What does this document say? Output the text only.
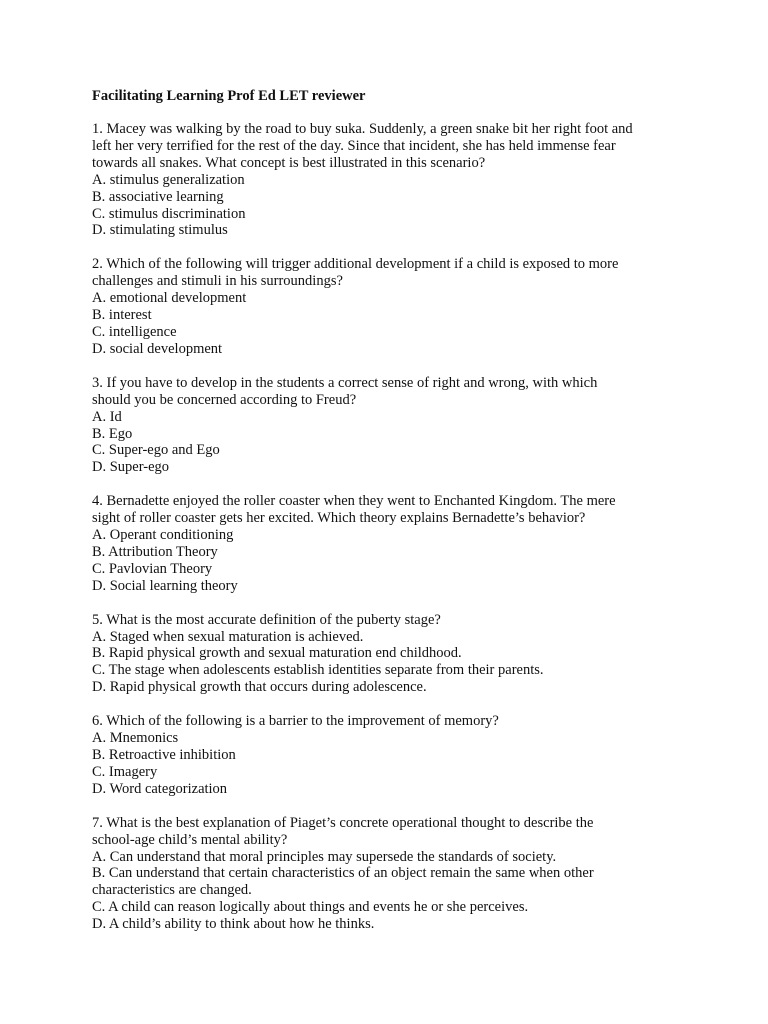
Facilitating Learning Prof Ed LET reviewer
1. Macey was walking by the road to buy suka. Suddenly, a green snake bit her right foot and
left her very terrified for the rest of the day. Since that incident, she has held immense fear
towards all snakes. What concept is best illustrated in this scenario?
A. stimulus generalization
B. associative learning
C. stimulus discrimination
D. stimulating stimulus
2. Which of the following will trigger additional development if a child is exposed to more
challenges and stimuli in his surroundings?
A. emotional development
B. interest
C. intelligence
D. social development
3. If you have to develop in the students a correct sense of right and wrong, with which
should you be concerned according to Freud?
A. Id
B. Ego
C. Super-ego and Ego
D. Super-ego
4. Bernadette enjoyed the roller coaster when they went to Enchanted Kingdom. The mere
sight of roller coaster gets her excited. Which theory explains Bernadette’s behavior?
A. Operant conditioning
B. Attribution Theory
C. Pavlovian Theory
D. Social learning theory
5. What is the most accurate definition of the puberty stage?
A. Staged when sexual maturation is achieved.
B. Rapid physical growth and sexual maturation end childhood.
C. The stage when adolescents establish identities separate from their parents.
D. Rapid physical growth that occurs during adolescence.
6. Which of the following is a barrier to the improvement of memory?
A. Mnemonics
B. Retroactive inhibition
C. Imagery
D. Word categorization
7. What is the best explanation of Piaget’s concrete operational thought to describe the
school-age child’s mental ability?
A. Can understand that moral principles may supersede the standards of society.
B. Can understand that certain characteristics of an object remain the same when other
characteristics are changed.
C. A child can reason logically about things and events he or she perceives.
D. A child’s ability to think about how he thinks.
